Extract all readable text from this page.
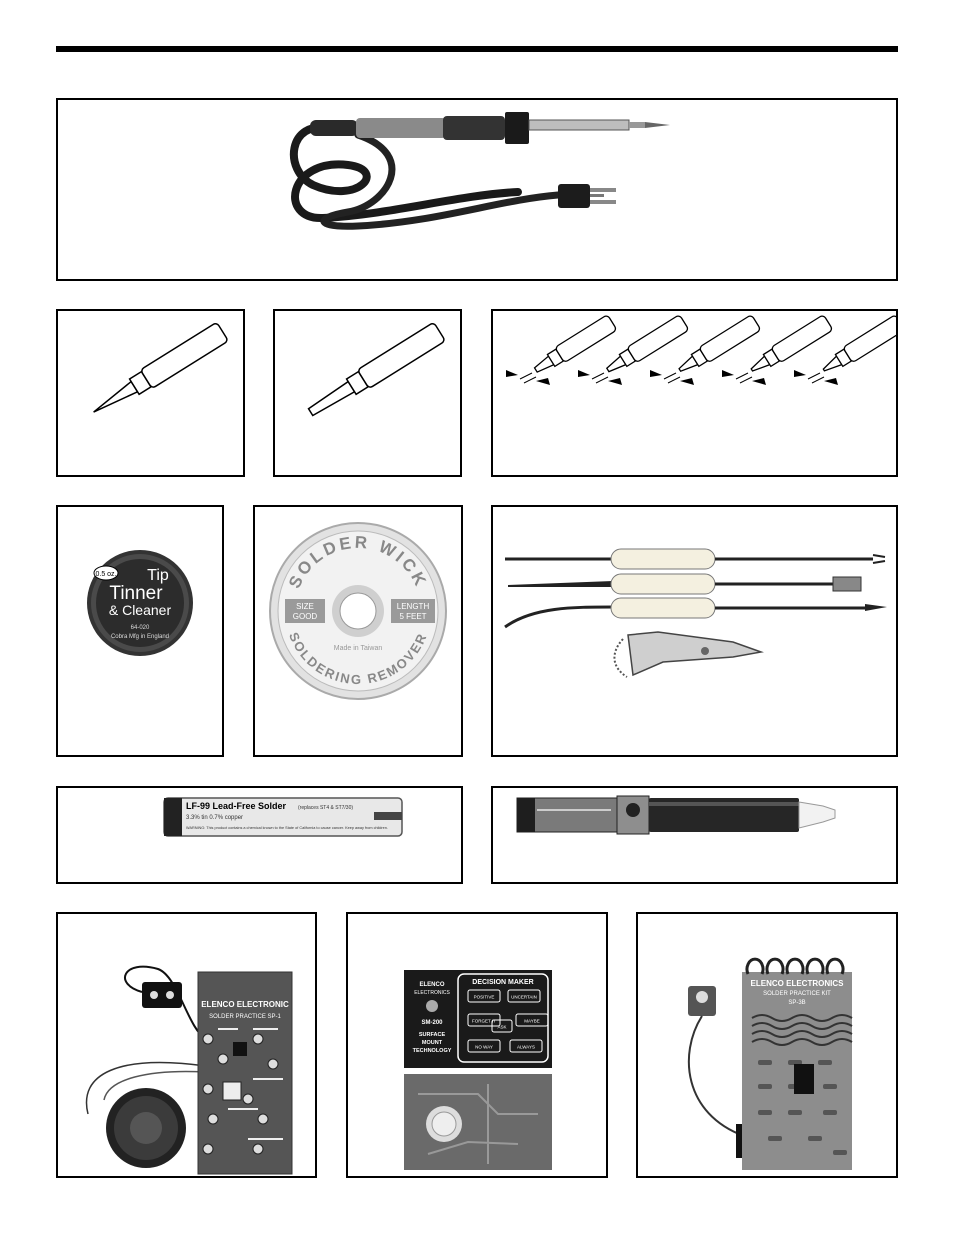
0.5 oz. Tip
Tinner
& Cleaner
64-020
Cobra Mfg in England
SOLDER WICK
SOLDERING REMOVER
SIZE
GOOD
LENGTH
5 FEET
Made in Taiwan
LF-99 Lead-Free Solder (replaces ST4 & ST7/30)
3.3% tin 0.7% copper
WARNING: This product contains a chemical known to the State of California to cause cancer. Keep away from children.
ELENCO ELECTRONIC
SOLDER PRACTICE SP-1
ELENCO
ELECTRONICS
SM-200
SURFACE
MOUNT
TECHNOLOGY
DECISION MAKER
POSITIVE	UNCERTAIN
FORGET IT
ASK
MAYBE
NO WAY	ALWAYS
ELENCO ELECTRONICS
SOLDER PRACTICE KIT
SP-3B
